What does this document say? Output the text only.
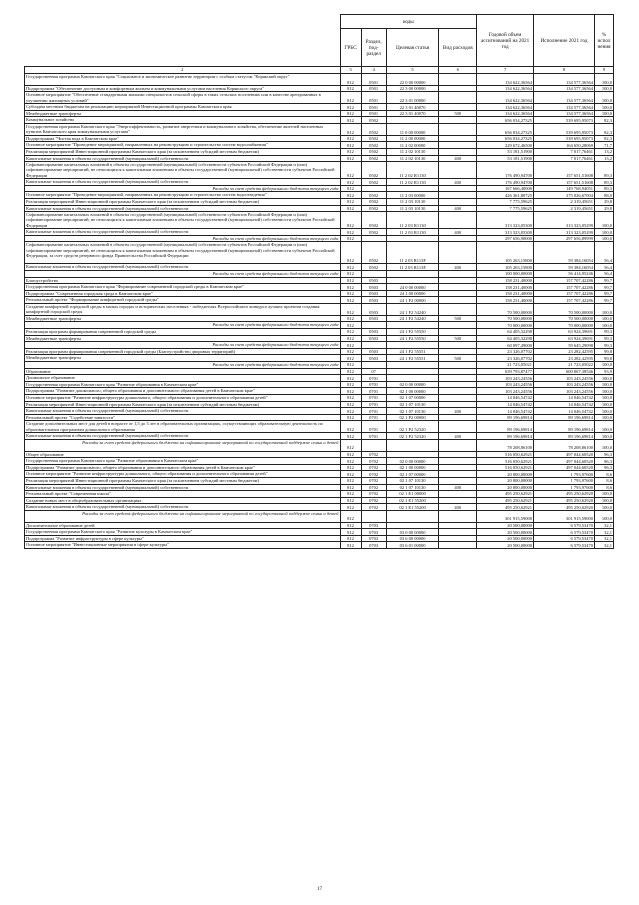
	коды				Годовой объем ассигнований на 2021 год	Исполнение 2021 год	% испол нения
	ГРБС	Раздел, под- раздел	Целевая статья	Вид расходов			
2	3	4	5	6	7	8	9
Государственная программа Камчатского края "Социальное и экономическое развитие территории с особым статусом "Корякский округ"	812	0501	22 0 00 00000		134 622,36564	134 577,36564	100,0
Подпрограмма "Обеспечение доступным и комфортным жильем и коммунальными услугами населения Корякского округа"	812	0501	22 3 00 00000		134 622,36564	134 577,36564	100,0
Основное мероприятие "Обеспечение стандартными жилыми специалистов сельской сферы в таких сельских поселениях или в качестве арендованных в улучшении жилищных условий"	812	0501	22 3 01 00000		134 622,36564	134 577,36564	100,0
Субсидии местным бюджетам на реализацию мероприятий Инвестиционной программы Камчатского края	812	0501	22 3 01 40070		134 622,36564	134 577,36564	100,0
Межбюджетные трансферты	812	0501	22 3 01 40070	500	134 622,36564	134 577,36564	100,0
Коммунальное хозяйство	812	0502			656 034,27325	539 695,95073	82,3
Государственная программа Камчатского края "Энергоэффективность, развитие энергетики и коммунального хозяйства, обеспечение жителей населенных пунктов Камчатского края коммунальными услугами"	812	0502	11 0 00 00000		656 034,27325	539 695,95073	82,3
Подпрограмма "Чистая вода в Камчатском крае"	812	0502	11 2 00 00000		656 034,27325	539 695,95073	82,3
Основное мероприятие "Проведение мероприятий, направленных на реконструкцию и строительство систем водоснабжения"	812	0502	11 2 02 00000		229 672,46500	164 650,28069	71,7
Реализация мероприятий Инвестиционной программы Камчатского края (за исключением субсидий местным бюджетам)	812	0502	11 2 02 10130		53 181,51900	7 017,76461	13,2
Капитальные вложения в объекты государственной (муниципальной) собственности	812	0502	11 2 02 10130	400	53 181,51900	7 017,76461	13,2
Софинансирование капитальных вложений в объекты государственной (муниципальной) собственности субъектов Российской Федерации и (или) софинансирование мероприятий, не относящихся к капитальным вложениям в объекты государственной (муниципальной) собственности субъектов Российской Федерации	812	0502	11 2 02 R1130		176 490,94700	157 651,51608	89,3
Капитальные вложения в объекты государственной (муниципальной) собственности	812	0502	11 2 02 R1130	400	176 490,94700	157 651,51608	89,3
Расходы за счет средств федерального бюджета текущего года	812				167 666,40000	149 768,94051	89,3
Основное мероприятие "Проведение мероприятий, направленных на реконструкцию и строительство систем водоотведения"	812	0502	11 2 03 00000		426 361,80725	375 026,67004	88,0
Реализация мероприятий Инвестиционной программы Камчатского края (за исключением субсидий местным бюджетам)	812	0502	11 2 03 10130		7 775,59625	2 319,45651	29,8
Капитальные вложения в объекты государственной (муниципальной) собственности	812	0502	11 2 03 10130	400	7 775,59625	2 319,45651	29,8
Софинансирование капитальных вложений в объекты государственной (муниципальной) собственности субъектов Российской Федерации и (или) софинансирование мероприятий, не относящихся к капитальным вложениям в объекты государственной (муниципальной) собственности субъектов Российской Федерации	812	0502	11 2 03 R1130		313 323,05300	313 323,05299	100,0
Капитальные вложения в объекты государственной (муниципальной) собственности	812	0502	11 2 03 R1130	400	313 323,05300	313 323,05299	100,0
Расходы за счет средств федерального бюджета текущего года	812				297 656,90000	297 656,89999	100,0
Софинансирование капитальных вложений в объекты государственной (муниципальной) собственности субъектов Российской Федерации и (или) софинансирование мероприятий, не относящихся к капитальным вложениям в объекты государственной (муниципальной) собственности субъектов Российской Федерации, за счет средств резервного фонда Правительства Российской Федерации	812	0502	11 2 03 R113F		105 263,15800	59 384,16054	56,4
Капитальные вложения в объекты государственной (муниципальной) собственности	812	0502	11 2 03 R113F	400	105 263,15800	59 384,16054	56,4
Расходы за счет средств федерального бюджета текущего года	812				100 000,00000	56 414,95246	56,4
Благоустройство	812	0503			158 231,40000	157 707,42286	99,7
Государственная программа Камчатского края "Формирование современной городской среды в Камчатском крае"	812	0503	24 0 00 00000		158 231,40000	157 707,42286	99,7
Подпрограмма "Современная городская среда в Камчатском крае"	812	0503	24 1 00 00000		158 231,40000	157 707,42286	99,7
Региональный проект "Формирование комфортной городской среды"	812	0503	24 1 F2 00000		158 231,40000	157 707,42286	99,7
Создание комфортной городской среды в малых городах и исторических поселениях - победителях Всероссийского конкурса лучших проектов создания комфортной городской среды	812	0503	24 1 F2 54240		70 500,00000	70 500,00000	100,0
Межбюджетные трансферты	812	0503	24 1 F2 54240	500	70 500,00000	70 500,00000	100,0
Расходы за счет средств федерального бюджета текущего года	812				70 000,00000	70 000,00000	100,0
Реализация программ формирования современной городской среды	812	0503	24 1 F2 55550		64 405,32298	63 924,39691	99,3
Межбюджетные трансферты	812	0503	24 1 F2 55550	500	64 405,32298	63 924,39691	99,3
Расходы за счет средств федерального бюджета текущего года	812				60 097,49000	59 645,29098	99,3
Реализация программ формирования современной городской среды (Благоустройство дворовых территорий)	812	0503	24 1 F2 55551		23 326,07702	23 282,42595	99,8
Межбюджетные трансферты	812	0503	24 1 F2 55551	500	23 326,07702	23 282,42595	99,8
Расходы за счет средств федерального бюджета текущего года	812				21 723,05021	21 723,05022	100,0
Образование	812	07			639 793,87477	600 867,38546	93,9
Дошкольное образование	812	0701			103 243,24556	103 243,24556	100,0
Государственная программа Камчатского края "Развитие образования в Камчатском крае"	812	0701	02 0 00 00000		103 243,24556	103 243,24556	100,0
Подпрограмма "Развитие дошкольного, общего образования и дополнительного образования детей в Камчатском крае"	812	0701	02 1 00 00000		103 243,24556	103 243,24556	100,0
Основное мероприятие "Развитие инфраструктуры дошкольного, общего образования и дополнительного образования детей"	812	0701	02 1 07 00000		14 046,54742	14 046,54742	100,0
Реализация мероприятий Инвестиционной программы Камчатского края (за исключением субсидий местным бюджетам)	812	0701	02 1 07 10130		14 046,54742	14 046,54742	100,0
Капитальные вложения в объекты государственной (муниципальной) собственности	812	0701	02 1 07 10130	400	14 046,54742	14 046,54742	100,0
Региональный проект "Содействие занятости"	812	0701	02 1 P2 00000		89 196,69814	89 196,69814	100,0
Создание дополнительных мест для детей в возрасте от 1,5 до 3 лет в образовательных организациях, осуществляющих образовательную деятельность по образовательным программам дошкольного образования	812	0701	02 1 P2 52320		89 196,69814	89 196,69814	100,0
Капитальные вложения в объекты государственной (муниципальной) собственности	812	0701	02 1 P2 52320	400	89 196,69814	89 196,69814	100,0
Расходы за счет средств федерального бюджета на софинансирование мероприятий по государственной поддержке семьи и детей	812				78 208,86100	78 208,86100	100,0
Общее образование	812	0702			516 050,62921	497 044,60520	96,3
Государственная программа Камчатского края "Развитие образования в Камчатском крае"	812	0702	02 0 00 00000		516 050,62921	497 044,60520	96,3
Подпрограмма "Развитие дошкольного, общего образования и дополнительного образования детей в Камчатском крае"	812	0702	02 1 00 00000		516 050,62921	497 044,60520	96,3
Основное мероприятие "Развитие инфраструктуры дошкольного, общего образования и дополнительного образования детей"	812	0702	02 1 07 00000		20 800,00000	1 793,97600	8,6
Реализация мероприятий Инвестиционной программы Камчатского края (за исключением субсидий местным бюджетам)	812	0702	02 1 07 10130		20 800,00000	1 793,97600	8,6
Капитальные вложения в объекты государственной (муниципальной) собственности	812	0702	02 1 07 10130	400	20 800,00000	1 793,97600	8,6
Региональный проект "Современная школа"	812	0702	02 1 E1 00000		495 250,62921	495 250,62920	100,0
Создание новых мест в общеобразовательных организациях	812	0702	02 1 E1 55200		495 250,62921	495 250,62920	100,0
Капитальные вложения в объекты государственной (муниципальной) собственности	812	0702	02 1 E1 55200	400	495 250,62921	495 250,62920	100,0
Расходы за счет средств федерального бюджета на софинансирование мероприятий по государственной поддержке семьи и детей	812				301 915,59000	301 915,59000	100,0
Дополнительное образование детей	812	0703			20 500,00000	6 579,53470	32,1
Государственная программа Камчатского края "Развитие культуры в Камчатском крае"	812	0703	03 0 00 00000		20 500,00000	6 579,53470	32,1
Подпрограмма "Развитие инфраструктуры в сфере культуры"	812	0703	03 6 00 00000		20 500,00000	6 579,53470	32,1
Основное мероприятие "Инвестиционные мероприятия в сфере культуры"	812	0703	03 6 01 00000		20 500,00000	6 579,53470	32,1
17
